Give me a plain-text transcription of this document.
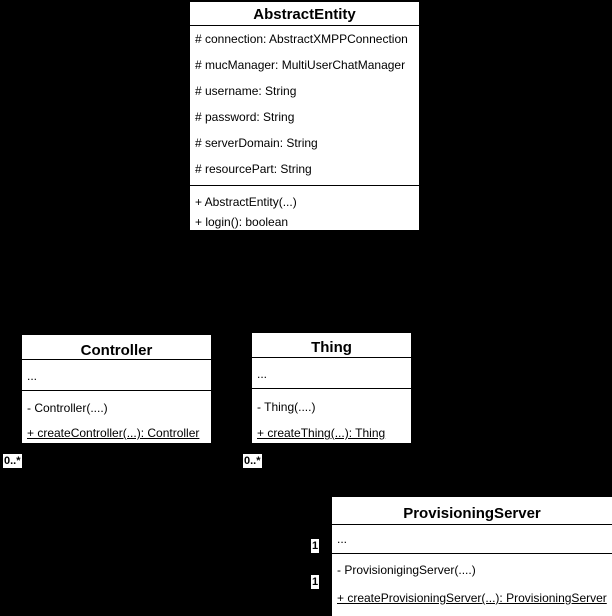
AbstractEntity
# connection: AbstractXMPPConnection
# mucManager: MultiUserChatManager
# username: String
# password: String
# serverDomain: String
# resourcePart: String
+ AbstractEntity(...)
+ login(): boolean
Controller
...
- Controller(....)
+ createController(...): Controller
Thing
...
- Thing(....)
+ createThing(...): Thing
ProvisioningServer
...
- ProvisionigingServer(....)
+ createProvisioningServer(...): ProvisioningServer
0..*	0..*
1
1
